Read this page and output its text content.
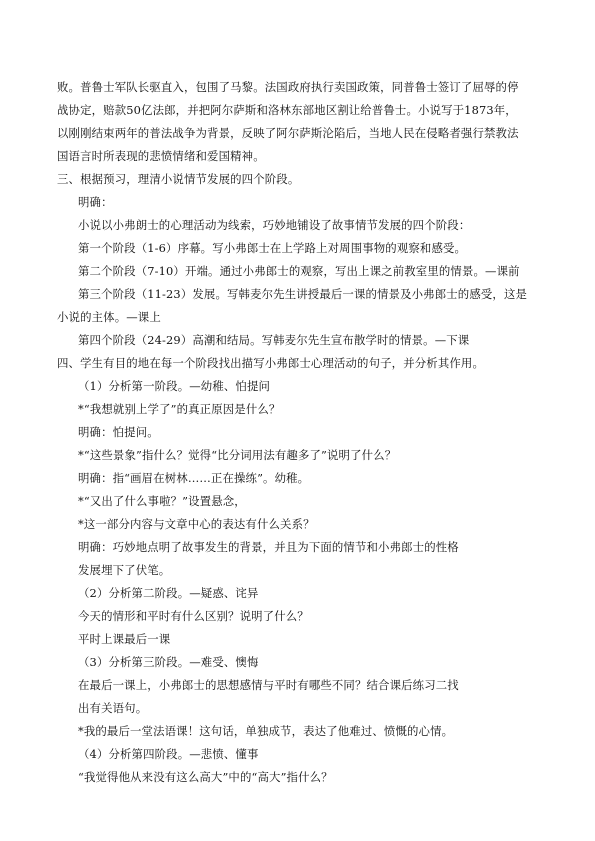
败。普鲁士军队长驱直入，包围了马黎。法国政府执行卖国政策，同普鲁士签订了屈辱的停
战协定，赔款50亿法郎，并把阿尔萨斯和洛林东部地区割让给普鲁士。小说写于1873年，
以刚刚结束两年的普法战争为背景，反映了阿尔萨斯沦陷后，当地人民在侵略者强行禁教法
国语言时所表现的悲愤情绪和爱国精神。
三、根据预习，理清小说情节发展的四个阶段。
明确：
小说以小弗朗士的心理活动为线索，巧妙地铺设了故事情节发展的四个阶段：
第一个阶段（1-6）序幕。写小弗郎士在上学路上对周围事物的观察和感受。
第二个阶段（7-10）开端。通过小弗郎士的观察，写出上课之前教室里的情景。—课前
第三个阶段（11-23）发展。写韩麦尔先生讲授最后一课的情景及小弗郎士的感受，这是
小说的主体。—课上
第四个阶段（24-29）高潮和结局。写韩麦尔先生宣布散学时的情景。—下课
四、学生有目的地在每一个阶段找出描写小弗郎士心理活动的句子，并分析其作用。
（1）分析第一阶段。—幼稚、怕提问
*“我想就别上学了”的真正原因是什么？
明确：怕提问。
*“这些景象”指什么？觉得“比分词用法有趣多了”说明了什么？
明确：指“画眉在树林……正在操练”。幼稚。
*“又出了什么事啦？”设置悬念，
*这一部分内容与文章中心的表达有什么关系？
明确：巧妙地点明了故事发生的背景，并且为下面的情节和小弗郎士的性格
发展埋下了伏笔。
（2）分析第二阶段。—疑惑、诧异
今天的情形和平时有什么区别？说明了什么？
平时上课最后一课
（3）分析第三阶段。—难受、懊悔
在最后一课上，小弗郎士的思想感情与平时有哪些不同？结合课后练习二找
出有关语句。
*我的最后一堂法语课！这句话，单独成节，表达了他难过、愤慨的心情。
（4）分析第四阶段。—悲愤、懂事
“我觉得他从来没有这么高大”中的“高大”指什么？
